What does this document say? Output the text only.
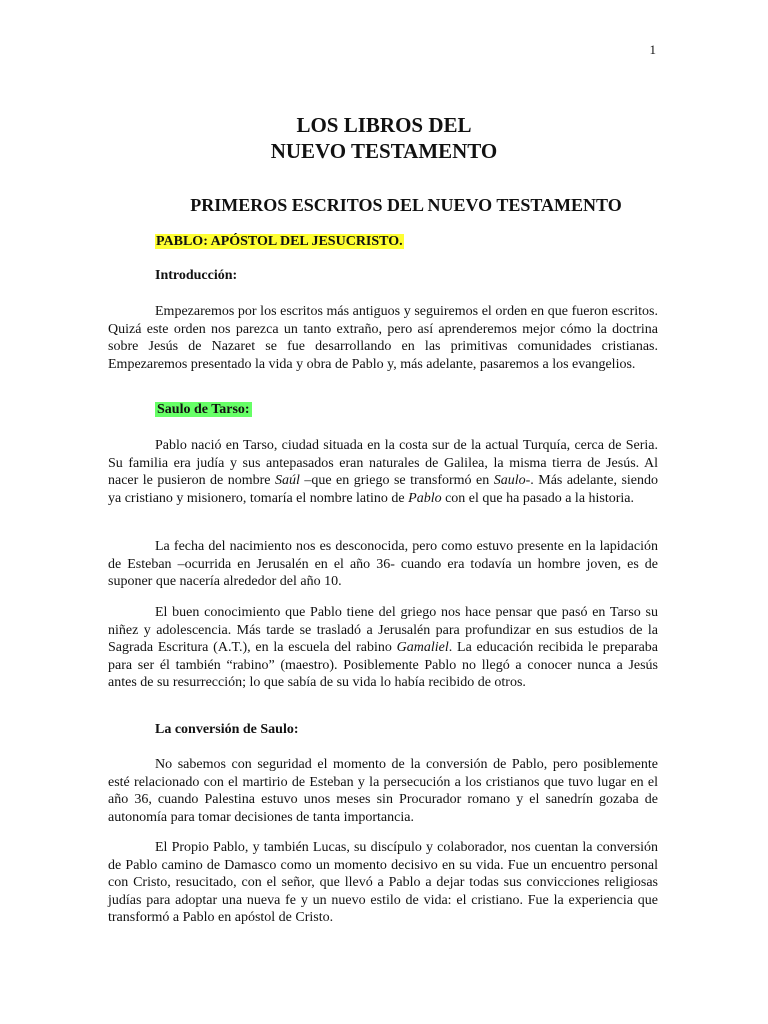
1
LOS LIBROS DEL
NUEVO TESTAMENTO
PRIMEROS ESCRITOS DEL NUEVO TESTAMENTO
PABLO: APÓSTOL DEL JESUCRISTO.
Introducción:
Empezaremos por los escritos más antiguos y seguiremos el orden en que fueron escritos. Quizá este orden nos parezca un tanto extraño, pero así aprenderemos mejor cómo la doctrina sobre Jesús de Nazaret se fue desarrollando en las primitivas comunidades cristianas. Empezaremos presentado la vida y obra de Pablo y, más adelante, pasaremos a los evangelios.
Saulo de Tarso:
Pablo nació en Tarso, ciudad situada en la costa sur de la actual Turquía, cerca de Seria. Su familia era judía y sus antepasados eran naturales de Galilea, la misma tierra de Jesús. Al nacer le pusieron de nombre Saúl –que en griego se transformó en Saulo-. Más adelante, siendo ya cristiano y misionero, tomaría el nombre latino de Pablo con el que ha pasado a la historia.
La fecha del nacimiento nos es desconocida, pero como estuvo presente en la lapidación de Esteban –ocurrida en Jerusalén en el año 36- cuando era todavía un hombre joven, es de suponer que nacería alrededor del año 10.
El buen conocimiento que Pablo tiene del griego nos hace pensar que pasó en Tarso su niñez y adolescencia. Más tarde se trasladó a Jerusalén para profundizar en sus estudios de la Sagrada Escritura (A.T.), en la escuela del rabino Gamaliel. La educación recibida le preparaba para ser él también “rabino” (maestro). Posiblemente Pablo no llegó a conocer nunca a Jesús antes de su resurrección; lo que sabía de su vida lo había recibido de otros.
La conversión de Saulo:
No sabemos con seguridad el momento de la conversión de Pablo, pero posiblemente esté relacionado con el martirio de Esteban y la persecución a los cristianos que tuvo lugar en el año 36, cuando Palestina estuvo unos meses sin Procurador romano y el sanedrín gozaba de autonomía para tomar decisiones de tanta importancia.
El Propio Pablo, y también Lucas, su discípulo y colaborador, nos cuentan la conversión de Pablo camino de Damasco como un momento decisivo en su vida. Fue un encuentro personal con Cristo, resucitado, con el señor, que llevó a Pablo a dejar todas sus convicciones religiosas judías para adoptar una nueva fe y un nuevo estilo de vida: el cristiano. Fue la experiencia que transformó a Pablo en apóstol de Cristo.
